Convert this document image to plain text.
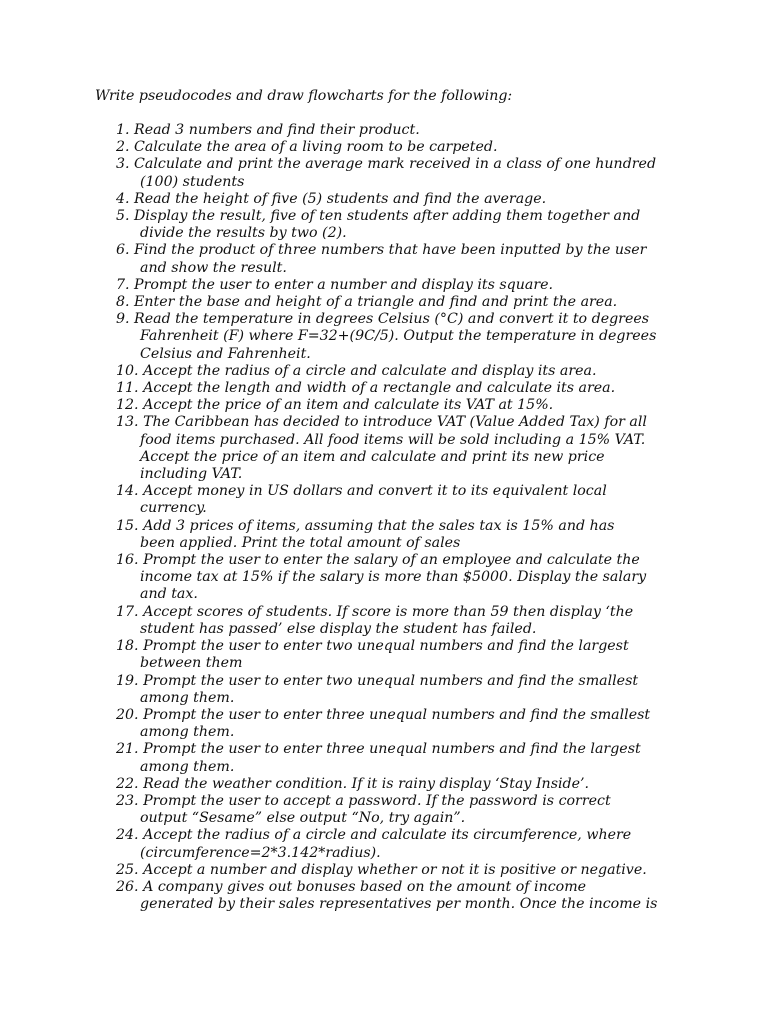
Write pseudocodes and draw flowcharts for the following:
1. Read 3 numbers and find their product.
2. Calculate the area of a living room to be carpeted.
3. Calculate and print the average mark received in a class of one hundred
(100) students
4. Read the height of five (5) students and find the average.
5. Display the result, five of ten students after adding them together and
divide the results by two (2).
6. Find the product of three numbers that have been inputted by the user
and show the result.
7. Prompt the user to enter a number and display its square.
8. Enter the base and height of a triangle and find and print the area.
9. Read the temperature in degrees Celsius (°C) and convert it to degrees
Fahrenheit (F) where F=32+(9C/5). Output the temperature in degrees
Celsius and Fahrenheit.
10. Accept the radius of a circle and calculate and display its area.
11. Accept the length and width of a rectangle and calculate its area.
12. Accept the price of an item and calculate its VAT at 15%.
13. The Caribbean has decided to introduce VAT (Value Added Tax) for all
food items purchased. All food items will be sold including a 15% VAT.
Accept the price of an item and calculate and print its new price
including VAT.
14. Accept money in US dollars and convert it to its equivalent local
currency.
15. Add 3 prices of items, assuming that the sales tax is 15% and has
been applied. Print the total amount of sales
16. Prompt the user to enter the salary of an employee and calculate the
income tax at 15% if the salary is more than $5000. Display the salary
and tax.
17. Accept scores of students. If score is more than 59 then display ‘the
student has passed’ else display the student has failed.
18. Prompt the user to enter two unequal numbers and find the largest
between them
19. Prompt the user to enter two unequal numbers and find the smallest
among them.
20. Prompt the user to enter three unequal numbers and find the smallest
among them.
21. Prompt the user to enter three unequal numbers and find the largest
among them.
22. Read the weather condition. If it is rainy display ‘Stay Inside’.
23. Prompt the user to accept a password. If the password is correct
output “Sesame” else output “No, try again”.
24. Accept the radius of a circle and calculate its circumference, where
(circumference=2*3.142*radius).
25. Accept a number and display whether or not it is positive or negative.
26. A company gives out bonuses based on the amount of income
generated by their sales representatives per month. Once the income is
